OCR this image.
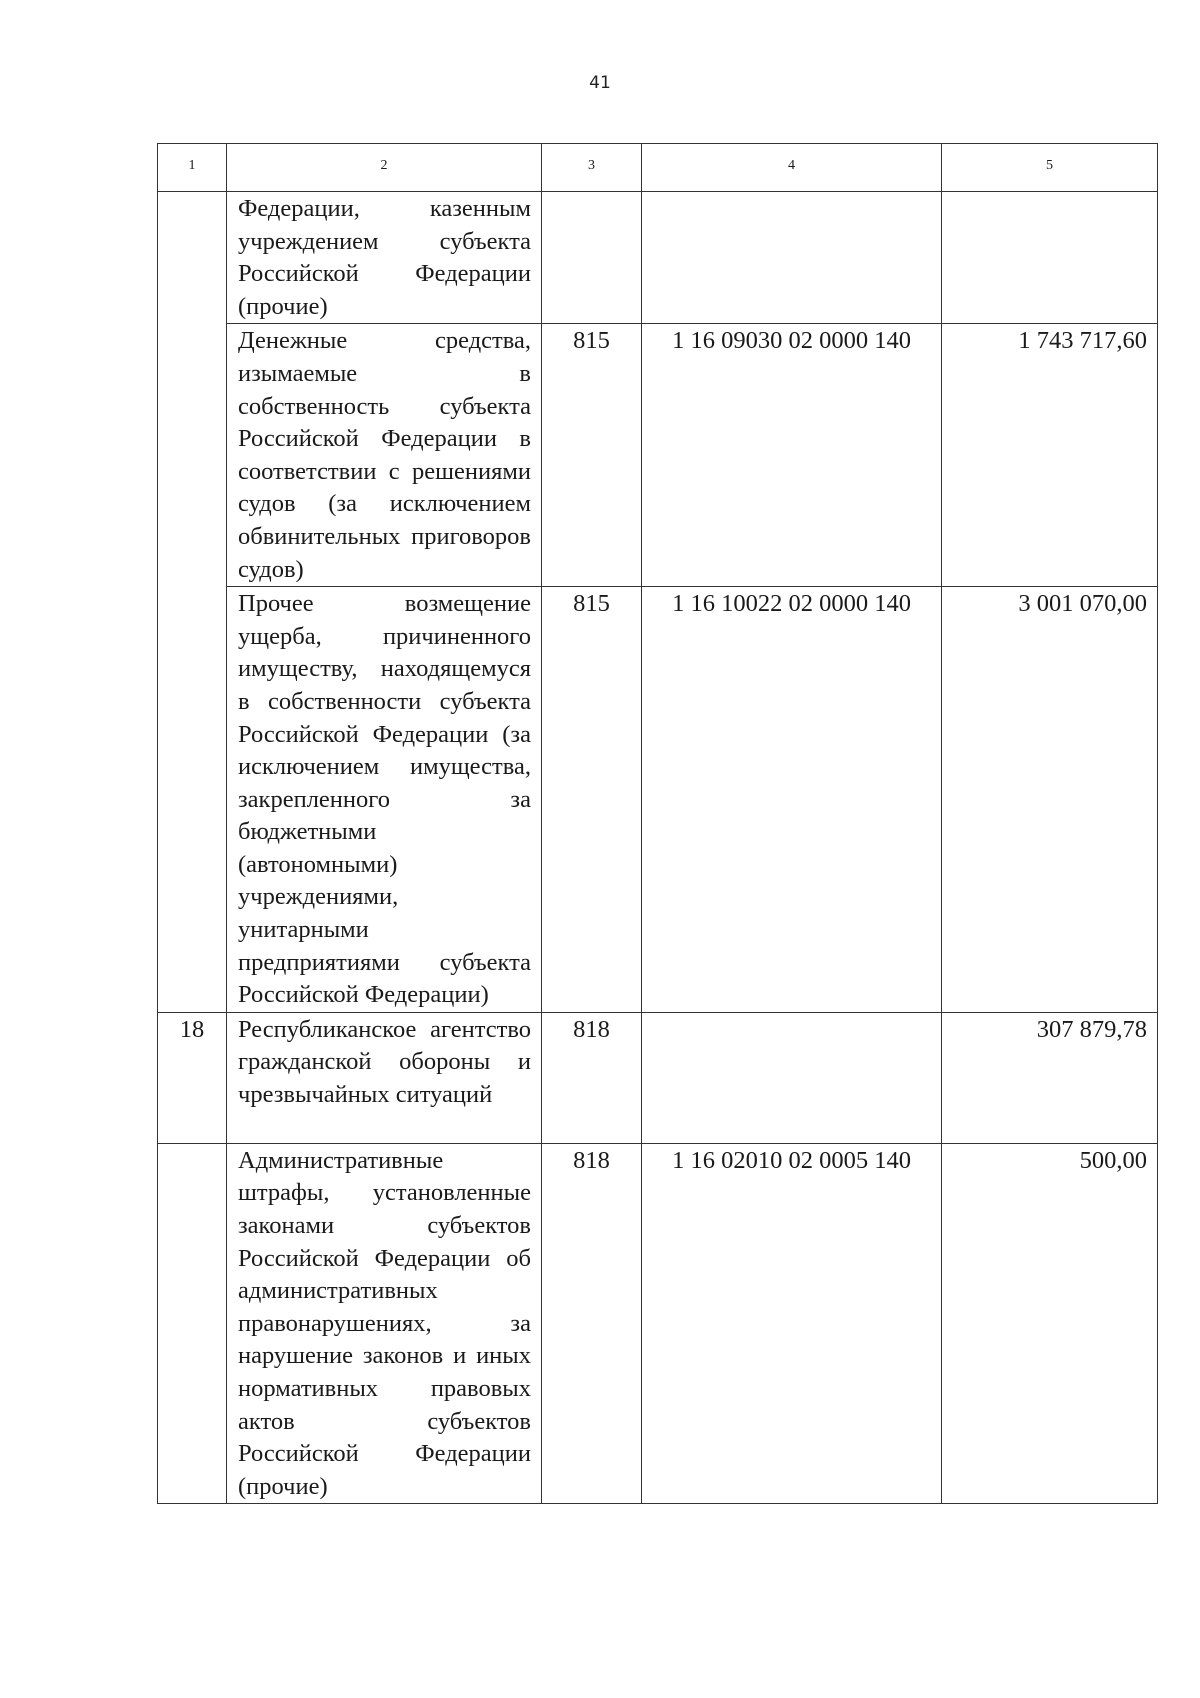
41
1	2	3	4	5

	Федерации, казенным учреждением субъекта Российской Федерации (прочие)			

	Денежные средства, изымаемые в собственность субъекта Российской Федерации в соответствии с решениями судов (за исключением обвинительных приговоров судов)	815	1 16 09030 02 0000 140	1 743 717,60

	Прочее возмещение ущерба, причиненного имуществу, находящемуся в собственности субъекта Российской Федерации (за исключением имущества, закрепленного за бюджетными (автономными) учреждениями, унитарными предприятиями субъекта Российской Федерации)	815	1 16 10022 02 0000 140	3 001 070,00

18	Республиканское агентство гражданской обороны и чрезвычайных ситуаций	818		307 879,78

	Административные штрафы, установленные законами субъектов Российской Федерации об административных правонарушениях, за нарушение законов и иных нормативных правовых актов субъектов Российской Федерации (прочие)	818	1 16 02010 02 0005 140	500,00
